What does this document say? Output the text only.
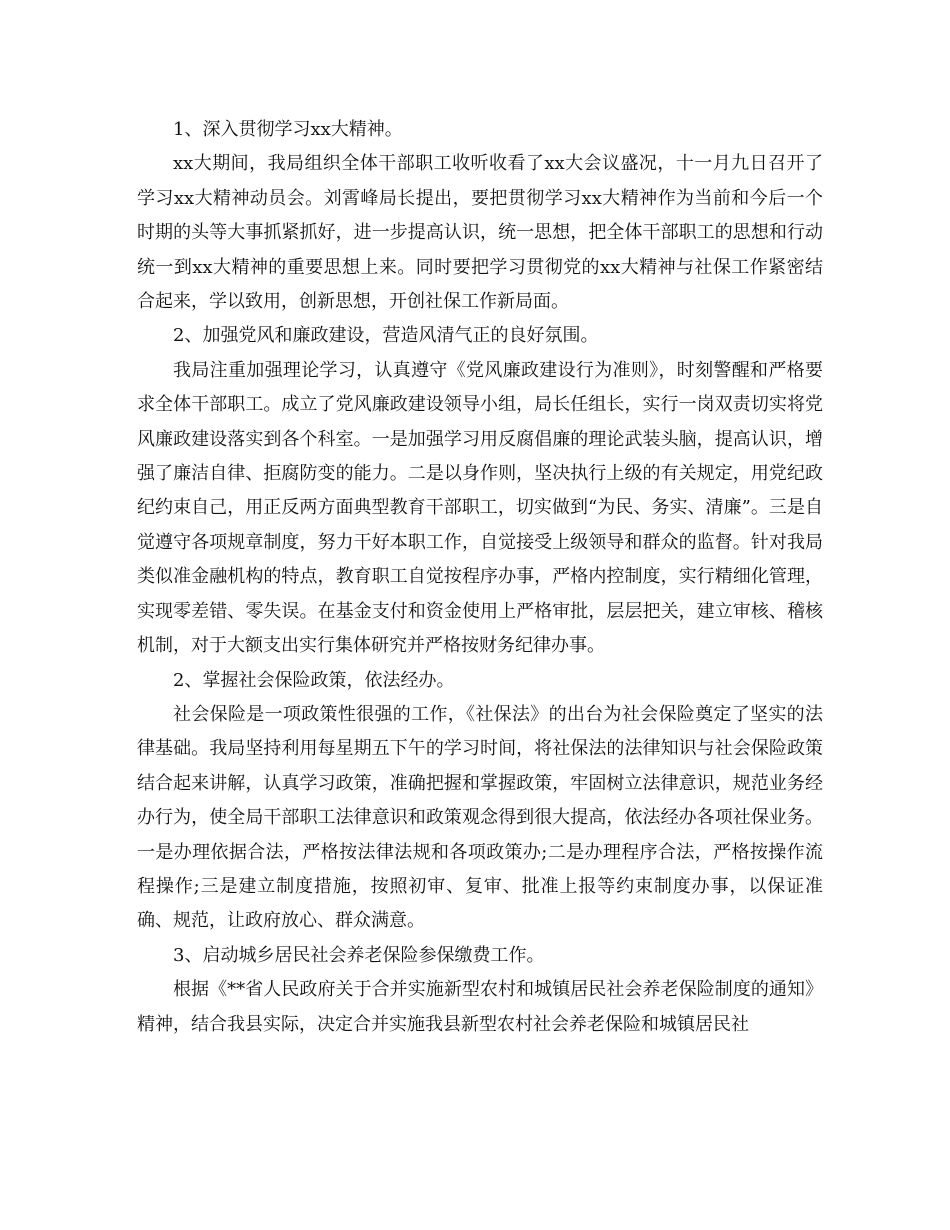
1、深入贯彻学习xx大精神。

xx大期间，我局组织全体干部职工收听收看了xx大会议盛况，十一月九日召开了学习xx大精神动员会。刘霄峰局长提出，要把贯彻学习xx大精神作为当前和今后一个时期的头等大事抓紧抓好，进一步提高认识，统一思想，把全体干部职工的思想和行动统一到xx大精神的重要思想上来。同时要把学习贯彻党的xx大精神与社保工作紧密结合起来，学以致用，创新思想，开创社保工作新局面。

2、加强党风和廉政建设，营造风清气正的良好氛围。

我局注重加强理论学习，认真遵守《党风廉政建设行为准则》，时刻警醒和严格要求全体干部职工。成立了党风廉政建设领导小组，局长任组长，实行一岗双责切实将党风廉政建设落实到各个科室。一是加强学习用反腐倡廉的理论武装头脑，提高认识，增强了廉洁自律、拒腐防变的能力。二是以身作则，坚决执行上级的有关规定，用党纪政纪约束自己，用正反两方面典型教育干部职工，切实做到“为民、务实、清廉”。三是自觉遵守各项规章制度，努力干好本职工作，自觉接受上级领导和群众的监督。针对我局类似准金融机构的特点，教育职工自觉按程序办事，严格内控制度，实行精细化管理，实现零差错、零失误。在基金支付和资金使用上严格审批，层层把关，建立审核、稽核机制，对于大额支出实行集体研究并严格按财务纪律办事。

2、掌握社会保险政策，依法经办。

社会保险是一项政策性很强的工作，《社保法》的出台为社会保险奠定了坚实的法律基础。我局坚持利用每星期五下午的学习时间，将社保法的法律知识与社会保险政策结合起来讲解，认真学习政策，准确把握和掌握政策，牢固树立法律意识，规范业务经办行为，使全局干部职工法律意识和政策观念得到很大提高，依法经办各项社保业务。一是办理依据合法，严格按法律法规和各项政策办;二是办理程序合法，严格按操作流程操作;三是建立制度措施，按照初审、复审、批准上报等约束制度办事，以保证准确、规范，让政府放心、群众满意。

3、启动城乡居民社会养老保险参保缴费工作。

根据《**省人民政府关于合并实施新型农村和城镇居民社会养老保险制度的通知》精神，结合我县实际，决定合并实施我县新型农村社会养老保险和城镇居民社
